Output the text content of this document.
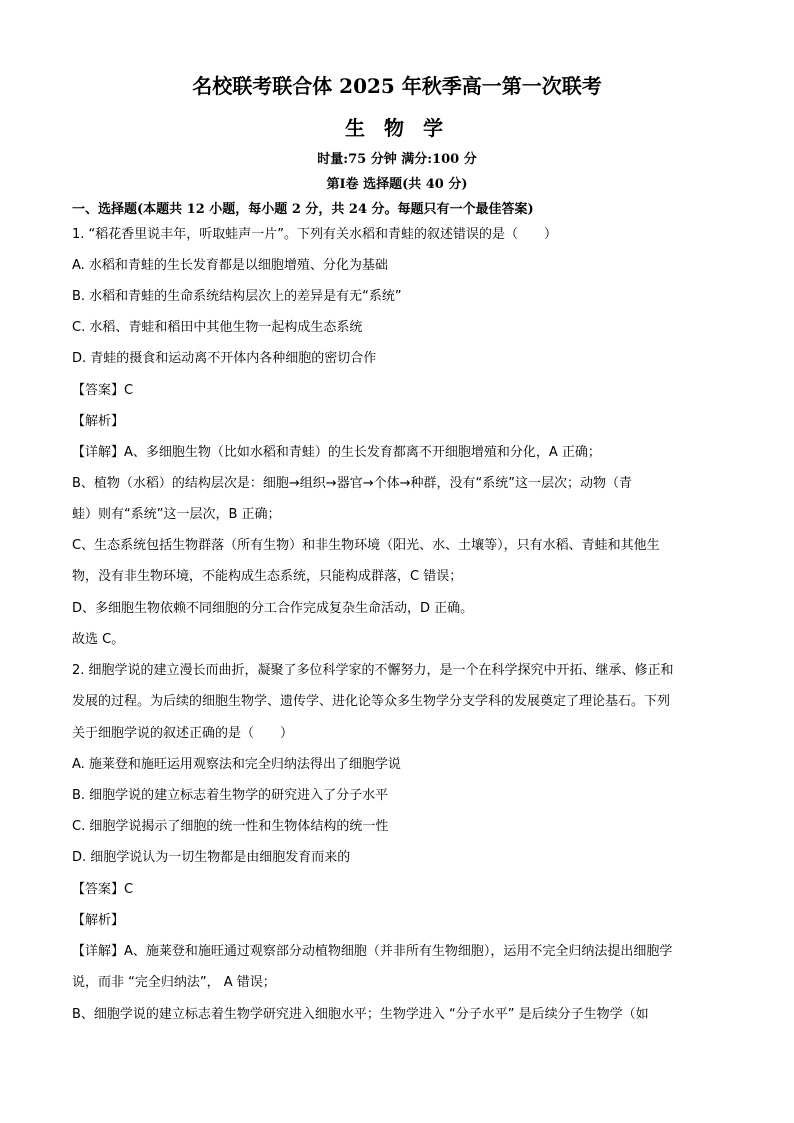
名校联考联合体 2025 年秋季高一第一次联考
生 物 学
时量:75 分钟 满分:100 分
第Ⅰ卷 选择题(共 40 分)
一、选择题(本题共 12 小题，每小题 2 分，共 24 分。每题只有一个最佳答案)
1. “稻花香里说丰年，听取蛙声一片”。下列有关水稻和青蛙的叙述错误的是（　　）
A. 水稻和青蛙的生长发育都是以细胞增殖、分化为基础
B. 水稻和青蛙的生命系统结构层次上的差异是有无“系统”
C. 水稻、青蛙和稻田中其他生物一起构成生态系统
D. 青蛙的摄食和运动离不开体内各种细胞的密切合作
【答案】C
【解析】
【详解】A、多细胞生物（比如水稻和青蛙）的生长发育都离不开细胞增殖和分化，A 正确；
B、植物（水稻）的结构层次是：细胞→组织→器官→个体→种群，没有“系统”这一层次；动物（青
蛙）则有“系统”这一层次，B 正确；
C、生态系统包括生物群落（所有生物）和非生物环境（阳光、水、土壤等），只有水稻、青蛙和其他生
物，没有非生物环境，不能构成生态系统，只能构成群落，C 错误；
D、多细胞生物依赖不同细胞的分工合作完成复杂生命活动，D 正确。
故选 C。
2. 细胞学说的建立漫长而曲折，凝聚了多位科学家的不懈努力，是一个在科学探究中开拓、继承、修正和
发展的过程。为后续的细胞生物学、遗传学、进化论等众多生物学分支学科的发展奠定了理论基石。下列
关于细胞学说的叙述正确的是（　　）
A. 施莱登和施旺运用观察法和完全归纳法得出了细胞学说
B. 细胞学说的建立标志着生物学的研究进入了分子水平
C. 细胞学说揭示了细胞的统一性和生物体结构的统一性
D. 细胞学说认为一切生物都是由细胞发育而来的
【答案】C
【解析】
【详解】A、施莱登和施旺通过观察部分动植物细胞（并非所有生物细胞），运用不完全归纳法提出细胞学
说，而非 “完全归纳法”， A 错误；
B、细胞学说的建立标志着生物学研究进入细胞水平；生物学进入 “分子水平” 是后续分子生物学（如
